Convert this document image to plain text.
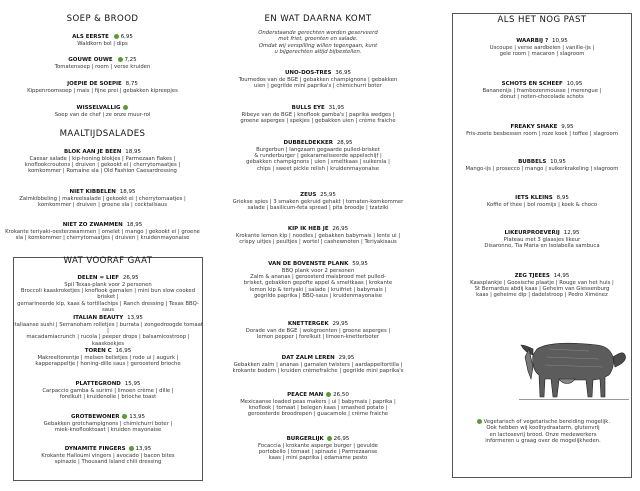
SOEP & BROOD
MAALTIJDSALADES
WAT VOORAF GAAT
ALS EERSTE 6,95
Waldkorn bol | dips
GOUWE OUWE 7,25
Tomatensoep | room | verse kruiden
JOEPIE DE SOEPIE 8,75
Kippenroomsoep | mais | fijne prei | gebakken kipreepjes
WISSELVALLIG
Soep van de chef | ze onze muur-rol
BLOK AAN JE BEEN 18,95
Caesar salade | kip-honing blokjes | Parmezaan flakes |
knoflookcroutons | druiven | gekookt ei | cherrytomaatjes |
komkommer | Romaine sla | Old Fashion Caesardressing
NIET KIBBELEN 18,95
Zalmkibbeling | makreelsalade | gekookt ei | cherrytomaatjes |
komkommer | druiven | groene sla | cocktailsaus
NIET ZO ZWAMMEN 18,95
Krokante teriyaki-oesterzwammen | omelet | mango | gekookt ei | groene
sla | komkommer | cherrytomaatjes | druiven | kruidenmayonaise
DELEN = LIEF 26,95
Spil Texas-plank voor 2 personen
Broccoli kaaskroketjes | knoflook garnalen | mini bun slow cooked brisket |
gemarineerde kip, kaas & tortillachips | Ranch dressing | Texas BBQ-saus
ITALIAN BEAUTY 13,95
Italiaanse sushi | Serranoham rolletjes | burrata | zongedroogde tomaat |
macadamiacrunch | rucola | peeper drops | balsamicostroop | kaaskoekjes
TOREN C 16,95
Makreeltorentje | melsen belletjes | rode ui | augurk |
kapperappeltje | honing-dille saus | geroosterd brioche
PLATTEGROND 15,95
Carpaccio gamba & surimi | limoen crème | dille |
forelkuit | kruidenolie | brioche toast
GROTBEWONER 13,95
Gebakken grotchampignons | chimichurri boter |
miek-knoflooktoast | kruiden mayonaise
DYNAMITE FINGERS 13,95
Krokante Halloumi vingers | avocado | bacon bites
spinazie | Thousand Island chili dressing
EN WAT DAARNA KOMT
Onderstaande gerechten worden geserveerd
met friet, groenten en salade.
Omdat wij verspilling willen tegengaan, kunt
u bijgerechten altijd bijbestellen.
UNO-DOS-TRES 36,95
Tournedos van de BGE | gebakken champignons | gebakken
uien | gegrilde mini paprika's | chimichurri boter
BULLS EYE 31,95
Ribeye van de BGE | knoflook gamba's | paprika wedges |
groene asperges | spekjes | gebakken uien | crème fraiche
DUBBELDEKKER 28,95
Burgerbun | langzaam gegaarde pulled-brisket
& runderburger | gekarameliseerde appelschijf |
gebakken champignons | uien | smeltkaas | suikersla |
chips | sweet pickle relish | kruidenmayonaise
ZEUS 25,95
Griekse spies | 3 smaken gekruid gehakt | tomaten-komkommer
salade | basilicum-feta spread | pita broodje | tzatziki
KIP IK HEB JE 26,95
Krokante lemon kip | noodles | gebakken babymais | lente ui |
crispy uitjes | peultjes | wortel | cashewnoten | Teriyakisaus
VAN DE BOVENSTE PLANK 59,95
BBQ plank voor 2 personen
Zalm & ananas | geroosterd maisbrood met pulled-
brisket, gebakken gepofte appel & smeltkaas | krokante
lemon kip & teriyaki | salade | kruifriet | babymais |
gegrilde paprika | BBQ-saus | kruidenmayonaise
KNETTERGEK 29,95
Dorade van de BGE | wokgroenten | groene asperges |
lemon pepper | forelkuit | limoen-knetterboter
DAT ZALM LEREN 29,95
Gebakken zalm | ananas | garnalen twisters | aardappeltortilla |
krokante bodem | kruiden crèmefraîche | gegrilde mini paprika's
PEACE MAN 26,50
Mexicaanse loaded peas makers | ui | babymais | paprika |
knoflook | tomaat | belegen kaas | smashed potato |
geroosterde broodrepen | guacamole | crème fraiche
BURGERLIJK 26,95
Focaccia | krokante asperge burger | gevulde
portobello | tomaat | spinazie | Parmezaanse
kaas | mini paprika | edamame pesto
ALS HET NOG PAST
WAARBIJ ? 10,95
Uscoupe | verse aardbeien | vanille-ijs |
gele room | macaron | slagroom
SCHOTS EN SCHEEF 10,95
Bananenijs | frambozenmousse | merengue |
donut | noten-chocolade schots
FREAKY SHAKE 9,95
Fris-zoete besbessen room | roze koek | toffee | slagroom
BUBBELS 10,95
Mango-ijs | prosecco | mango | suikerkrakeling | slagroom
IETS KLEINS 8,95
Koffie of thee | bol roomijs | koek & choco
LIKEURPROEVERIJ 12,95
Plateau met 3 glaasjes likeur
Disaronno, Tia Maria en Isolabella sambuca
ZEG TJEEES 14,95
Kaasplankje | Goosische plaatje | Rouge van het huis |
St Bernardus abdij kaas | Geheim van Giessenburg
kaas | geheime dip | dadelstroop | Pedro Ximénez
Vegetarisch of vegetarische bereiding mogelijk.
Ook hebben wij koolhydraatarm, glutenvrij
en lactosevrij brood. Onze medewerkers
informeren u graag over de mogelijkheden.
